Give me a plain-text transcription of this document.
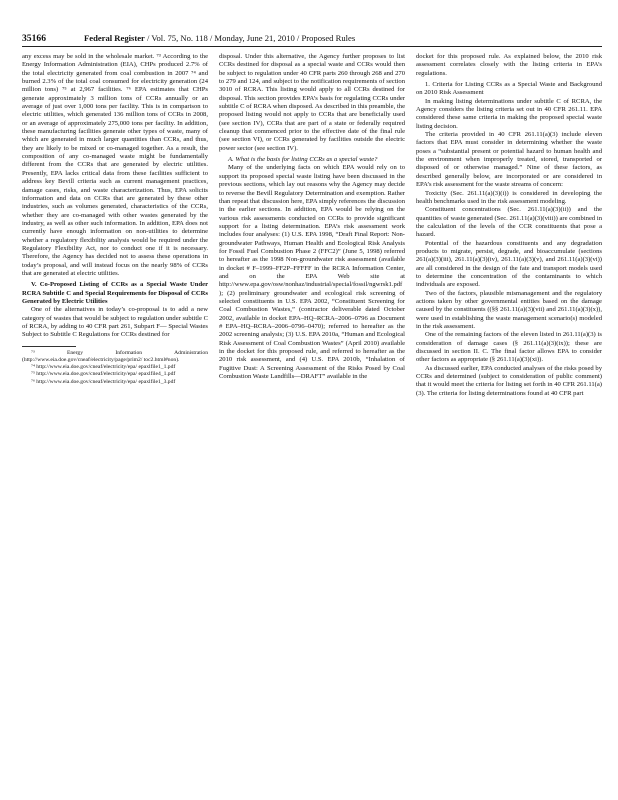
35166	Federal Register
/ Vol. 75, No. 118 / Monday, June 21, 2010 / Proposed Rules

any excess may be sold in the wholesale market. ⁷³ According to the Energy Information Administration (EIA), CHPs produced 2.7% of the total electricity generated from coal combustion in 2007 ⁷⁴ and burned 2.3% of the total coal consumed for electricity generation (24 million tons) ⁷⁵ at 2,967 facilities. ⁷⁶ EPA estimates that CHPs generate approximately 3 million tons of CCRs annually or an average of just over 1,000 tons per facility. This is in comparison to electric utilities, which generated 136 million tons of CCRs in 2008, or an average of approximately 275,000 tons per facility. In addition, these manufacturing facilities generate other types of waste, many of which are generated in much larger quantities than CCRs, and thus, they are likely to be mixed or co-managed together. As a result, the composition of any co-managed waste might be fundamentally different from the CCRs that are generated by electric utilities. Presently, EPA lacks critical data from these facilities sufficient to address key Bevill criteria such as current management practices, damage cases, risks, and waste characterization. Thus, EPA solicits information and data on CCRs that are generated by these other industries, such as volumes generated, characteristics of the CCRs, whether they are co-managed with other wastes generated by the industry, as well as other such information. In addition, EPA does not currently have enough information on non-utilities to determine whether a regulatory flexibility analysis would be required under the Regulatory Flexibility Act, nor to conduct one if it is necessary. Therefore, the Agency has decided not to assess these operations in today’s proposal, and will instead focus on the nearly 98% of CCRs that are generated at electric utilities.

V. Co-Proposed Listing of CCRs as a Special Waste Under RCRA Subtitle C and Special Requirements for Disposal of CCRs Generated by Electric Utilities

One of the alternatives in today’s co-proposal is to add a new category of wastes that would be subject to regulation under subtitle C of RCRA, by adding to 40 CFR part 261, Subpart F— Special Wastes Subject to Subtitle C Regulations for CCRs destined for

⁷³ Energy Information Administration (http://www.eia.doe.gov/cneaf/electricity/page/prim2/ toc2.html#non).

⁷⁴ http://www.eia.doe.gov/cneaf/electricity/epa/ epaxlfile1_1.pdf

⁷⁵ http://www.eia.doe.gov/cneaf/electricity/epa/ epaxlfile4_1.pdf

⁷⁶ http://www.eia.doe.gov/cneaf/electricity/epa/ epaxlfile1_3.pdf

disposal. Under this alternative, the Agency further proposes to list CCRs destined for disposal as a special waste and CCRs would then be subject to regulation under 40 CFR parts 260 through 268 and 270 to 279 and 124, and subject to the notification requirements of section 3010 of RCRA. This listing would apply to all CCRs destined for disposal. This section provides EPA’s basis for regulating CCRs under subtitle C of RCRA when disposed. As described in this preamble, the proposed listing would not apply to CCRs that are beneficially used (see section IV), CCRs that are part of a state or federally required cleanup that commenced prior to the effective date of the final rule (see section VI), or CCRs generated by facilities outside the electric power sector (see section IV).

A. What is the basis for listing CCRs as a special waste?

Many of the underlying facts on which EPA would rely on to support its proposed special waste listing have been discussed in the previous sections, which lay out reasons why the Agency may decide to reverse the Bevill Regulatory Determination and exemption. Rather than repeat that discussion here, EPA simply references the discussion in the earlier sections. In addition, EPA would be relying on the various risk assessments conducted on CCRs to provide significant support for a listing determination. EPA’s risk assessment work includes four analyses: (1) U.S. EPA 1998, “Draft Final Report: Non-groundwater Pathways, Human Health and Ecological Risk Analysis for Fossil Fuel Combustion Phase 2 (FFC2)” (June 5, 1998) referred to hereafter as the 1998 Non-groundwater risk assessment (available in docket # F–1999–FF2P–FFFFF in the RCRA Information Center, and on the EPA Web site at http://www.epa.gov/osw/nonhaz/industrial/special/fossil/ngwrsk1.pdf ); (2) preliminary groundwater and ecological risk screening of selected constituents in U.S. EPA 2002, “Constituent Screening for Coal Combustion Wastes,” (contractor deliverable dated October 2002, available in docket EPA–HQ–RCRA–2006–0796 as Document # EPA–HQ–RCRA–2006–0796–0470); referred to hereafter as the 2002 screening analysis; (3) U.S. EPA 2010a, “Human and Ecological Risk Assessment of Coal Combustion Wastes” (April 2010) available in the docket for this proposed rule, and referred to hereafter as the 2010 risk assessment, and (4) U.S. EPA 2010b, “Inhalation of Fugitive Dust: A Screening Assessment of the Risks Posed by Coal Combustion Waste Landfills—DRAFT” available in the

docket for this proposed rule. As explained below, the 2010 risk assessment correlates closely with the listing criteria in EPA’s regulations.

1. Criteria for Listing CCRs as a Special Waste and Background on 2010 Risk Assessment

In making listing determinations under subtitle C of RCRA, the Agency considers the listing criteria set out in 40 CFR 261.11. EPA considered these same criteria in making the proposed special waste listing decision.

The criteria provided in 40 CFR 261.11(a)(3) include eleven factors that EPA must consider in determining whether the waste poses a “substantial present or potential hazard to human health and the environment when improperly treated, stored, transported or disposed of or otherwise managed.” Nine of these factors, as described generally below, are incorporated or are considered in EPA’s risk assessment for the waste streams of concern:

Toxicity (Sec. 261.11(a)(3)(i)) is considered in developing the health benchmarks used in the risk assessment modeling.

Constituent concentrations (Sec. 261.11(a)(3)(ii)) and the quantities of waste generated (Sec. 261.11(a)(3)(viii)) are combined in the calculation of the levels of the CCR constituents that pose a hazard.

Potential of the hazardous constituents and any degradation products to migrate, persist, degrade, and bioaccumulate (sections 261(a)(3)(iii), 261.11(a)(3)(iv), 261.11(a)(3)(v), and 261.11(a)(3)(vi)) are all considered in the design of the fate and transport models used to determine the concentration of the contaminants to which individuals are exposed.

Two of the factors, plausible mismanagement and the regulatory actions taken by other governmental entities based on the damage caused by the constituents ((§§ 261.11(a)(3)(vii) and 261.11(a)(3)(x)), were used in establishing the waste management scenario(s) modeled in the risk assessment.

One of the remaining factors of the eleven listed in 261.11(a)(3) is consideration of damage cases (§ 261.11(a)(3)(ix)); these are discussed in section II. C. The final factor allows EPA to consider other factors as appropriate (§ 261.11(a)(3)(xi)).

As discussed earlier, EPA conducted analyses of the risks posed by CCRs and determined (subject to consideration of public comment) that it would meet the criteria for listing set forth in 40 CFR 261.11(a)(3). The criteria for listing determinations found at 40 CFR part
